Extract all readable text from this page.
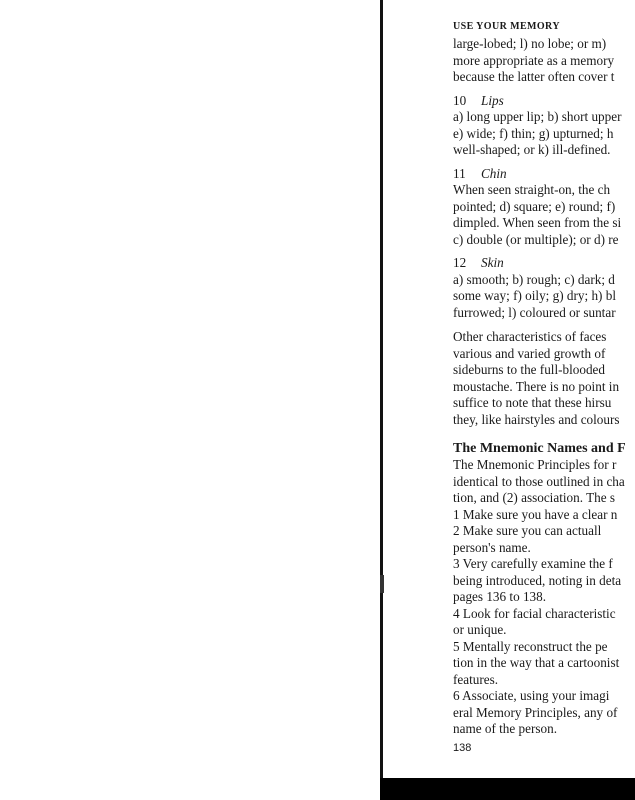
USE YOUR MEMORY

large-lobed; l) no lobe; or m)
more appropriate as a memory
because the latter often cover t

10 Lips

a) long upper lip; b) short upper
e) wide; f) thin; g) upturned; h
well-shaped; or k) ill-defined.

11 Chin

When seen straight-on, the ch
pointed; d) square; e) round; f)
dimpled. When seen from the si
c) double (or multiple); or d) re

12 Skin

a) smooth; b) rough; c) dark; d
some way; f) oily; g) dry; h) bl
furrowed; l) coloured or suntar
Other characteristics of faces
various and varied growth of
sideburns to the full-blooded
moustache. There is no point in
suffice to note that these hirsu
they, like hairstyles and colours

The Mnemonic Names and F

The Mnemonic Principles for r
identical to those outlined in cha
tion, and (2) association. The s
1 Make sure you have a clear n
2 Make sure you can actuall
person's name.
3 Very carefully examine the f
being introduced, noting in deta
pages 136 to 138.
4 Look for facial characteristic
or unique.
5 Mentally reconstruct the pe
tion in the way that a cartoonist
features.
6 Associate, using your imagi
eral Memory Principles, any of
name of the person.
138
